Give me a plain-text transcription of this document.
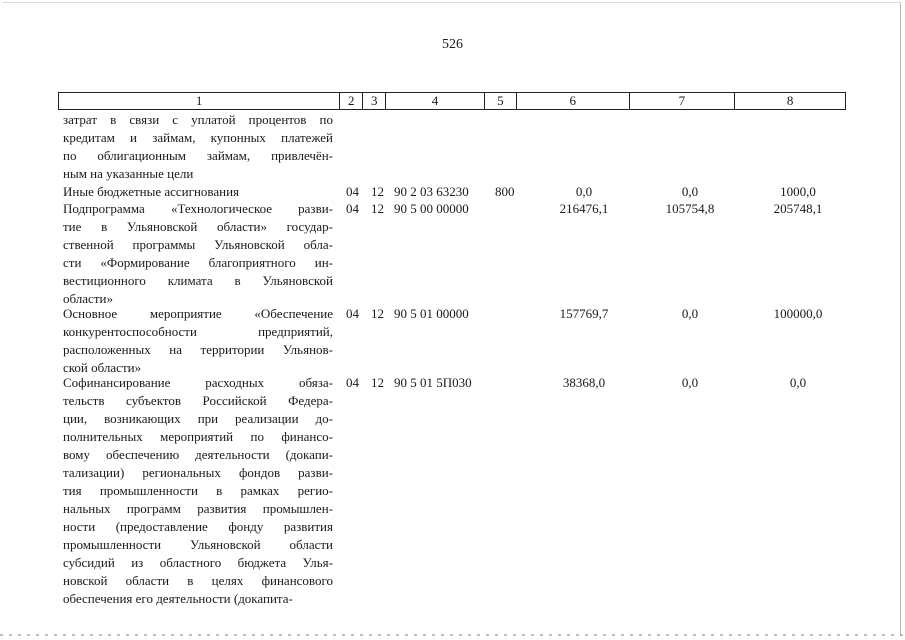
526
1	2	3	4	5	6	7	8
затрат в связи с уплатой процентов по
кредитам и займам, купонных платежей
по облигационным займам, привлечён-
ным на указанные цели
Иные бюджетные ассигнования	04 12 90 2 03 63230 800	0,0	0,0	1000,0
Подпрограмма «Технологическое разви-
тие в Ульяновской области» государ-
ственной программы Ульяновской обла-
сти «Формирование благоприятного ин-
вестиционного климата в Ульяновской
области»
04 12 90 5 00 00000	216476,1	105754,8	205748,1
Основное мероприятие «Обеспечение
конкурентоспособности предприятий,
расположенных на территории Ульянов-
ской области»
04 12 90 5 01 00000	157769,7	0,0	100000,0
Софинансирование расходных обяза-
тельств субъектов Российской Федера-
ции, возникающих при реализации до-
полнительных мероприятий по финансо-
вому обеспечению деятельности (докапи-
тализации) региональных фондов разви-
тия промышленности в рамках регио-
нальных программ развития промышлен-
ности (предоставление фонду развития
промышленности Ульяновской области
субсидий из областного бюджета Улья-
новской области в целях финансового
обеспечения его деятельности (докапита-
04 12 90 5 01 5П030	38368,0	0,0	0,0
